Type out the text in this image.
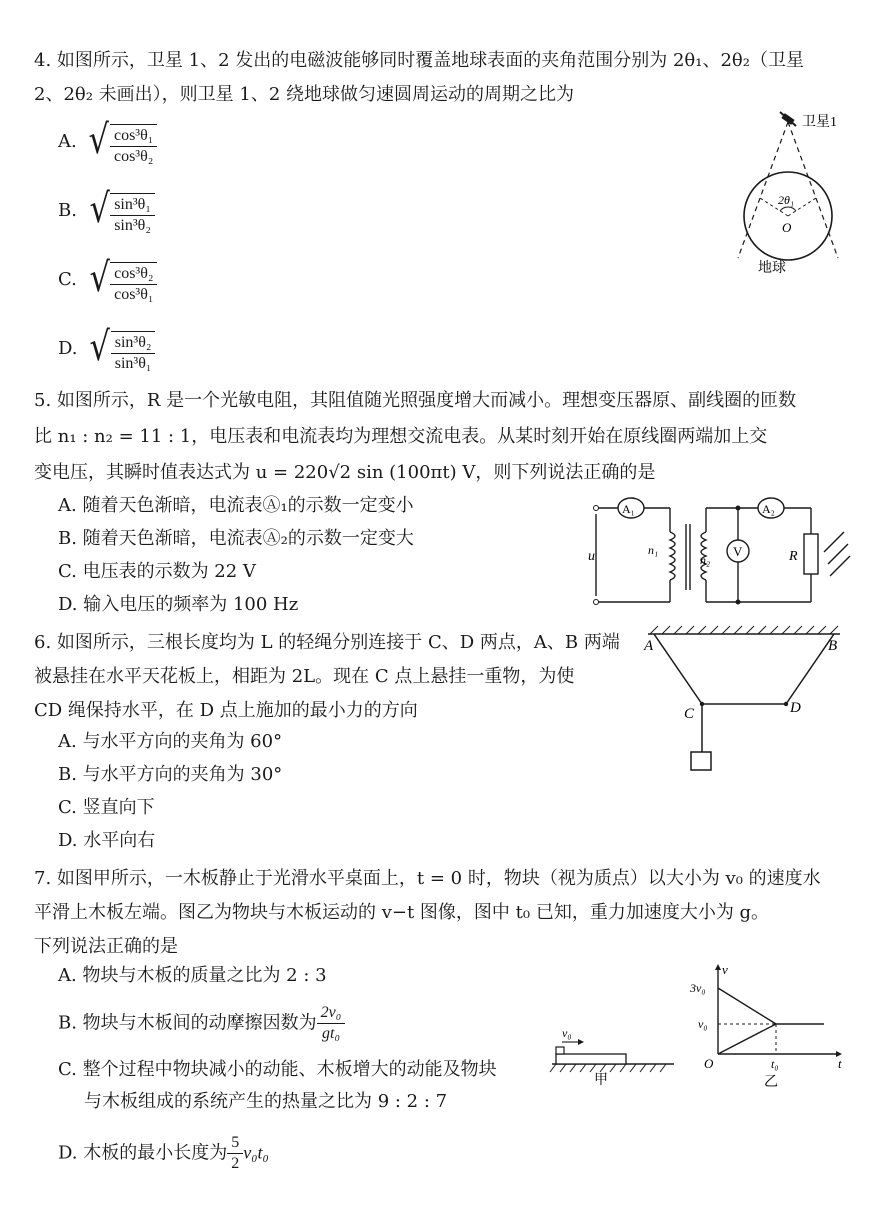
4. 如图所示，卫星 1、2 发出的电磁波能够同时覆盖地球表面的夹角范围分别为 2θ₁、2θ₂（卫星
2、2θ₂ 未画出），则卫星 1、2 绕地球做匀速圆周运动的周期之比为
A. √ $\frac{\text{cos³θ₁}}{\text{cos³θ₂}}$
B. √ $\frac{\text{sin³θ₁}}{\text{sin³θ₂}}$
C. √ $\frac{\text{cos³θ₂}}{\text{cos³θ₁}}$
D. √ $\frac{\text{sin³θ₂}}{\text{sin³θ₁}}$
卫星1
2θ₁
O
地球
5. 如图所示，R 是一个光敏电阻，其阻值随光照强度增大而减小。理想变压器原、副线圈的匝数
比 n₁ : n₂ = 11 : 1，电压表和电流表均为理想交流电表。从某时刻开始在原线圈两端加上交
变电压，其瞬时值表达式为 u = 220√2 sin (100πt) V，则下列说法正确的是
A. 随着天色渐暗，电流表Ⓐ₁的示数一定变小
B. 随着天色渐暗，电流表Ⓐ₂的示数一定变大
C. 电压表的示数为 22 V
D. 输入电压的频率为 100 Hz
A₁	A₂
V
u	n₁
n₂	R
6. 如图所示，三根长度均为 L 的轻绳分别连接于 C、D 两点，A、B 两端
被悬挂在水平天花板上，相距为 2L。现在 C 点上悬挂一重物，为使
CD 绳保持水平，在 D 点上施加的最小力的方向
A. 与水平方向的夹角为 60°
B. 与水平方向的夹角为 30°
C. 竖直向下
D. 水平向右
A	B
C	D
7. 如图甲所示，一木板静止于光滑水平桌面上，t = 0 时，物块（视为质点）以大小为 v₀ 的速度水
平滑上木板左端。图乙为物块与木板运动的 v−t 图像，图中 t₀ 已知，重力加速度大小为 g。
下列说法正确的是
A. 物块与木板的质量之比为 2 : 3
B. 物块与木板间的动摩擦因数为 $\frac{\text{2v₀}}{\text{gt₀}}$
C. 整个过程中物块减小的动能、木板增大的动能及物块
与木板组成的系统产生的热量之比为 9 : 2 : 7
D. 木板的最小长度为 $\frac{5}{2} v_0t_0$
v₀
甲
v
t
O
3v₀
v₀
t₀
乙
